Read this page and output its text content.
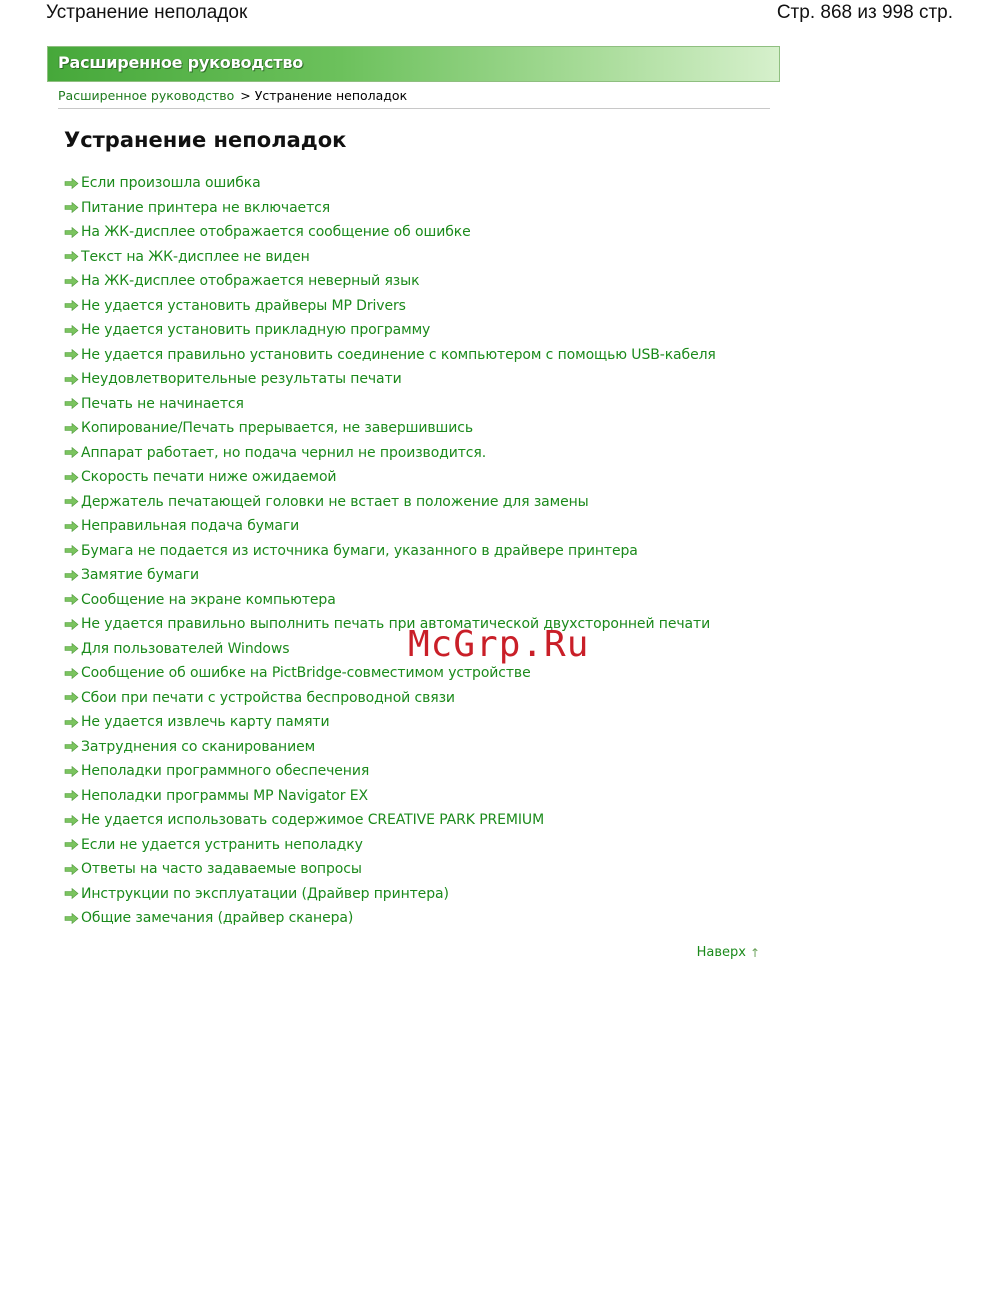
Устранение неполадок	Стр. 868 из 998 стр.
Расширенное руководство
Расширенное руководство > Устранение неполадок
Устранение неполадок
Если произошла ошибка
Питание принтера не включается
На ЖК-дисплее отображается сообщение об ошибке
Текст на ЖК-дисплее не виден
На ЖК-дисплее отображается неверный язык
Не удается установить драйверы MP Drivers
Не удается установить прикладную программу
Не удается правильно установить соединение с компьютером с помощью USB-кабеля
Неудовлетворительные результаты печати
Печать не начинается
Копирование/Печать прерывается, не завершившись
Аппарат работает, но подача чернил не производится.
Скорость печати ниже ожидаемой
Держатель печатающей головки не встает в положение для замены
Неправильная подача бумаги
Бумага не подается из источника бумаги, указанного в драйвере принтера
Замятие бумаги
Сообщение на экране компьютера
Не удается правильно выполнить печать при автоматической двухсторонней печати
Для пользователей Windows
Сообщение об ошибке на PictBridge-совместимом устройстве
Сбои при печати с устройства беспроводной связи
Не удается извлечь карту памяти
Затруднения со сканированием
Неполадки программного обеспечения
Неполадки программы MP Navigator EX
Не удается использовать содержимое CREATIVE PARK PREMIUM
Если не удается устранить неполадку
Ответы на часто задаваемые вопросы
Инструкции по эксплуатации (Драйвер принтера)
Общие замечания (драйвер сканера)
Наверх ↑
McGrp.Ru
